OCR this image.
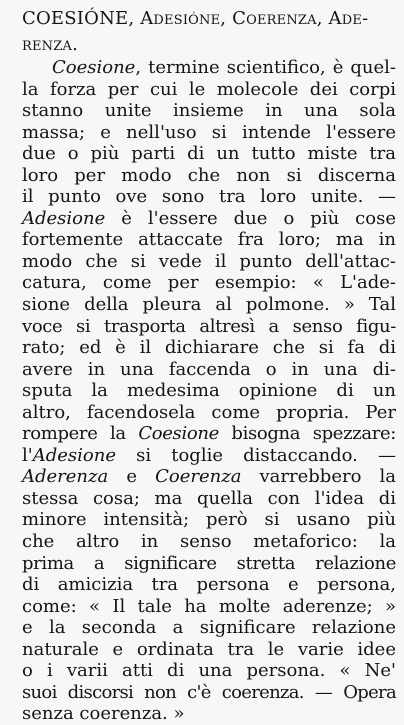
COESIÓNE, Adesióne, Coerenza, Ade-
renza.
Coesione, termine scientifico, è quel-
la forza per cui le molecole dei corpi
stanno unite insieme in una sola
massa; e nell'uso si intende l'essere
due o più parti di un tutto miste tra
loro per modo che non si discerna
il punto ove sono tra loro unite. —
Adesione è l'essere due o più cose
fortemente attaccate fra loro; ma in
modo che si vede il punto dell'attac-
catura, come per esempio: « L'ade-
sione della pleura al polmone. » Tal
voce si trasporta altresì a senso figu-
rato; ed è il dichiarare che si fa di
avere in una faccenda o in una di-
sputa la medesima opinione di un
altro, facendosela come propria. Per
rompere la Coesione bisogna spezzare:
l'Adesione si toglie distaccando. —
Aderenza e Coerenza varrebbero la
stessa cosa; ma quella con l'idea di
minore intensità; però si usano più
che altro in senso metaforico: la
prima a significare stretta relazione
di amicizia tra persona e persona,
come: « Il tale ha molte aderenze; »
e la seconda a significare relazione
naturale e ordinata tra le varie idee
o i varii atti di una persona. « Ne'
suoi discorsi non c'è coerenza. — Opera
senza coerenza. »
